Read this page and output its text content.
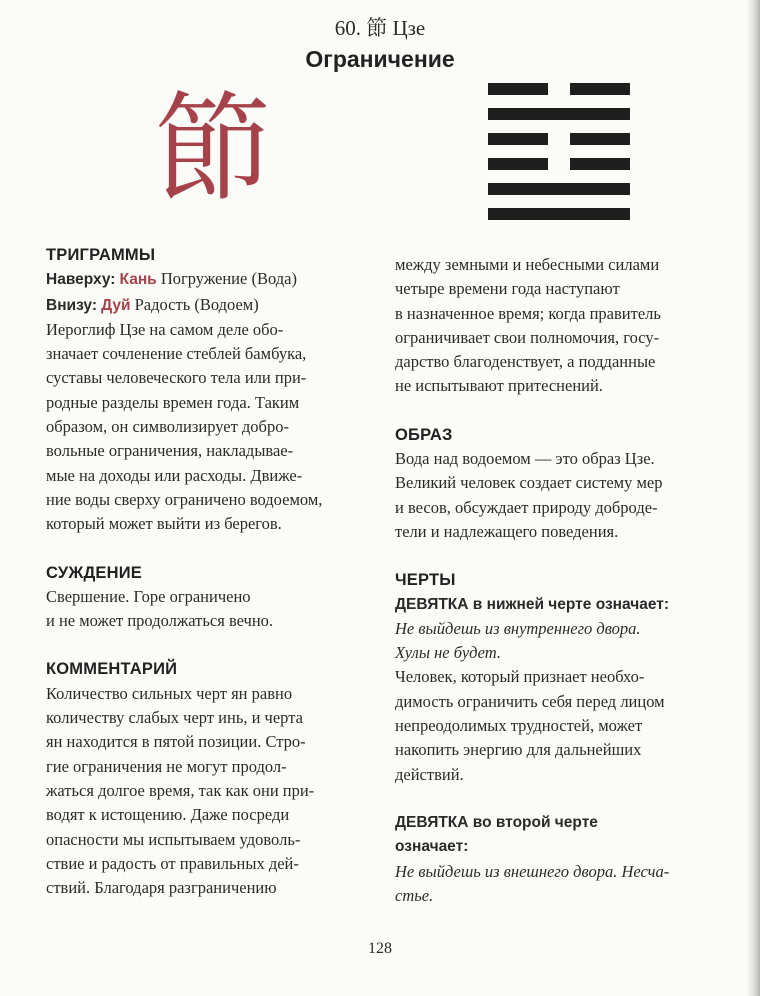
60. 節 Цзе
Ограничение
節
ТРИГРАММЫ
Наверху: Кань Погружение (Вода)
Внизу: Дуй Радость (Водоем)
Иероглиф Цзе на самом деле обо-
значает сочленение стеблей бамбука,
суставы человеческого тела или при-
родные разделы времен года. Таким
образом, он символизирует добро-
вольные ограничения, накладывае-
мые на доходы или расходы. Движе-
ние воды сверху ограничено водоемом,
который может выйти из берегов.
СУЖДЕНИЕ
Свершение. Горе ограничено
и не может продолжаться вечно.
КОММЕНТАРИЙ
Количество сильных черт ян равно
количеству слабых черт инь, и черта
ян находится в пятой позиции. Стро-
гие ограничения не могут продол-
жаться долгое время, так как они при-
водят к истощению. Даже посреди
опасности мы испытываем удоволь-
ствие и радость от правильных дей-
ствий. Благодаря разграничению
между земными и небесными силами
четыре времени года наступают
в назначенное время; когда правитель
ограничивает свои полномочия, госу-
дарство благоденствует, а подданные
не испытывают притеснений.
ОБРАЗ
Вода над водоемом — это образ Цзе.
Великий человек создает систему мер
и весов, обсуждает природу доброде-
тели и надлежащего поведения.
ЧЕРТЫ
ДЕВЯТКА в нижней черте означает:
Не выйдешь из внутреннего двора.
Хулы не будет.
Человек, который признает необхо-
димость ограничить себя перед лицом
непреодолимых трудностей, может
накопить энергию для дальнейших
действий.
ДЕВЯТКА во второй черте
означает:
Не выйдешь из внешнего двора. Несча-
стье.
128
